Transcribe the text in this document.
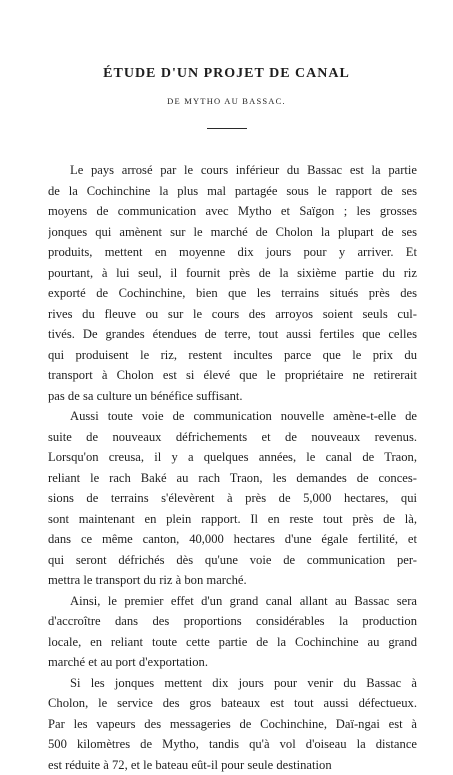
ÉTUDE D'UN PROJET DE CANAL
DE MYTHO AU BASSAC.
Le pays arrosé par le cours inférieur du Bassac est la partie
de la Cochinchine la plus mal partagée sous le rapport de ses
moyens de communication avec Mytho et Saïgon ; les grosses
jonques qui amènent sur le marché de Cholon la plupart de ses
produits, mettent en moyenne dix jours pour y arriver. Et
pourtant, à lui seul, il fournit près de la sixième partie du riz
exporté de Cochinchine, bien que les terrains situés près des
rives du fleuve ou sur le cours des arroyos soient seuls cul-
tivés. De grandes étendues de terre, tout aussi fertiles que celles
qui produisent le riz, restent incultes parce que le prix du
transport à Cholon est si élevé que le propriétaire ne retirerait
pas de sa culture un bénéfice suffisant.
Aussi toute voie de communication nouvelle amène-t-elle de
suite de nouveaux défrichements et de nouveaux revenus.
Lorsqu'on creusa, il y a quelques années, le canal de Traon,
reliant le rach Baké au rach Traon, les demandes de conces-
sions de terrains s'élevèrent à près de 5,000 hectares, qui
sont maintenant en plein rapport. Il en reste tout près de là,
dans ce même canton, 40,000 hectares d'une égale fertilité, et
qui seront défrichés dès qu'une voie de communication per-
mettra le transport du riz à bon marché.
Ainsi, le premier effet d'un grand canal allant au Bassac sera
d'accroître dans des proportions considérables la production
locale, en reliant toute cette partie de la Cochinchine au grand
marché et au port d'exportation.
Si les jonques mettent dix jours pour venir du Bassac à
Cholon, le service des gros bateaux est tout aussi défectueux.
Par les vapeurs des messageries de Cochinchine, Daï-ngai est à
500 kilomètres de Mytho, tandis qu'à vol d'oiseau la distance
est réduite à 72, et le bateau eût-il pour seule destination
